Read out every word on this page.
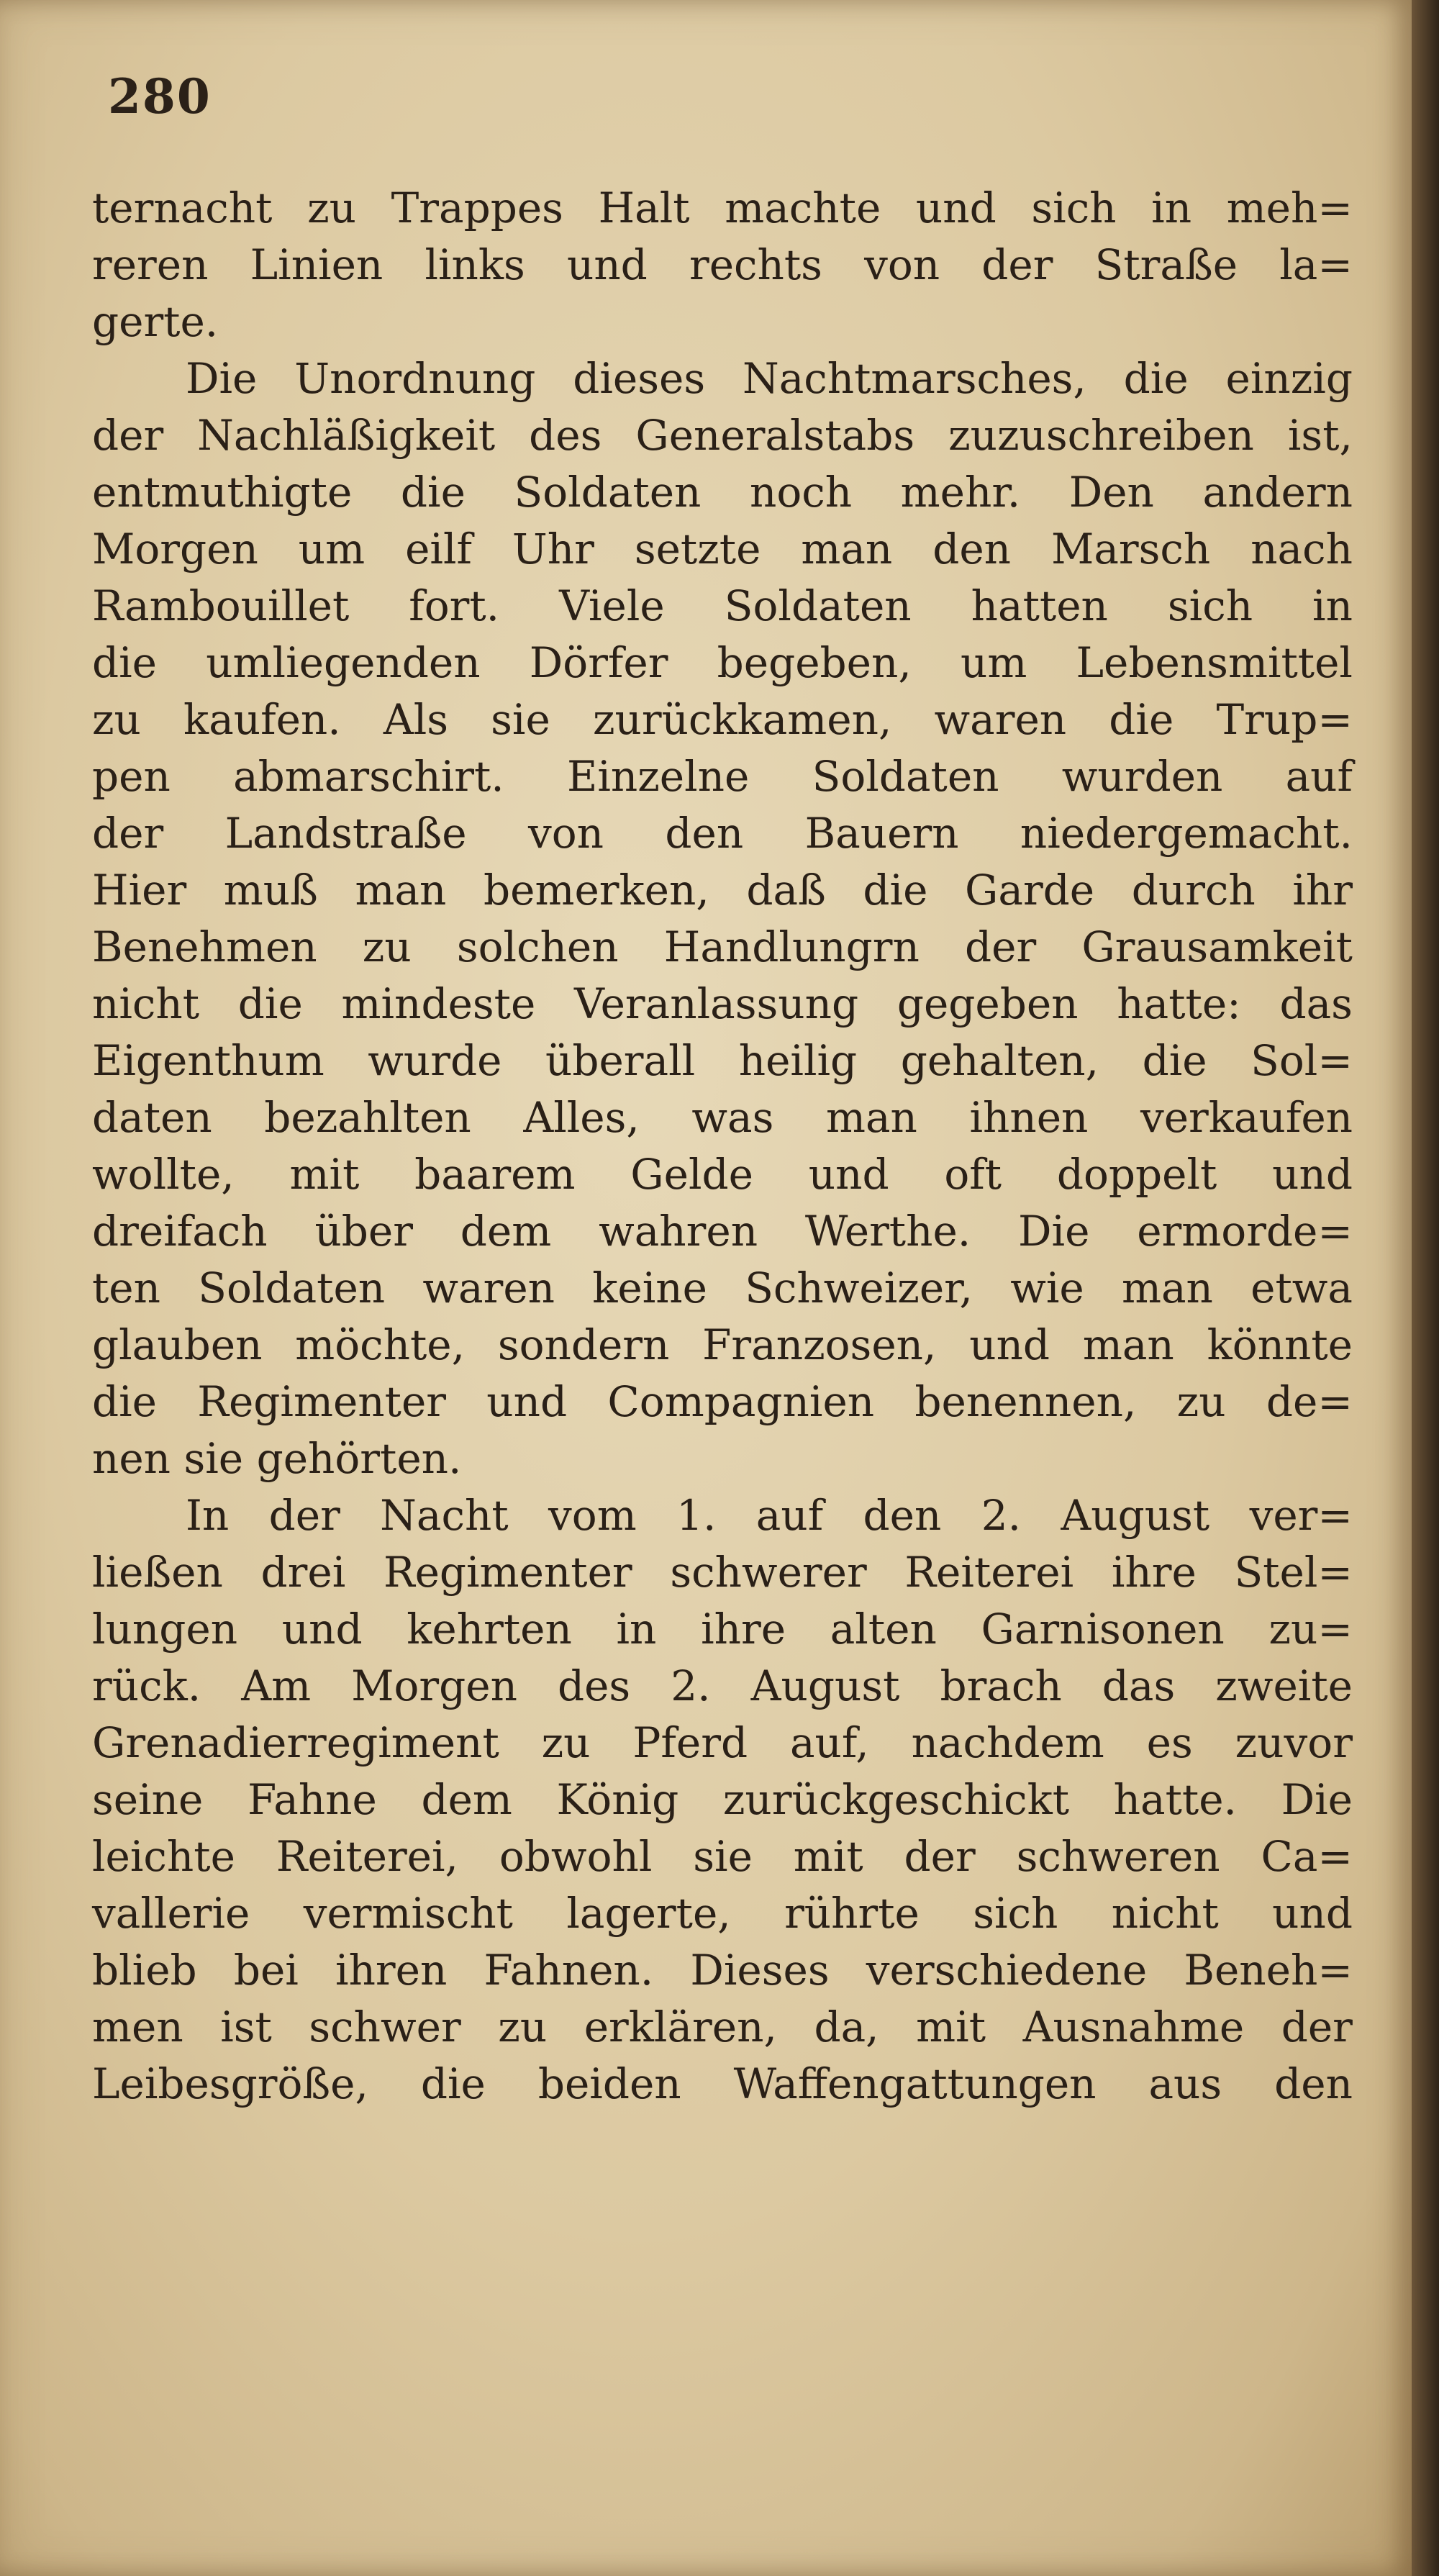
280
ternacht zu Trappes Halt machte und sich in meh=
reren Linien links und rechts von der Straße la=
gerte.
Die Unordnung dieses Nachtmarsches, die einzig
der Nachläßigkeit des Generalstabs zuzuschreiben ist,
entmuthigte die Soldaten noch mehr. Den andern
Morgen um eilf Uhr setzte man den Marsch nach
Rambouillet fort. Viele Soldaten hatten sich in
die umliegenden Dörfer begeben, um Lebensmittel
zu kaufen. Als sie zurückkamen, waren die Trup=
pen abmarschirt. Einzelne Soldaten wurden auf
der Landstraße von den Bauern niedergemacht.
Hier muß man bemerken, daß die Garde durch ihr
Benehmen zu solchen Handlungrn der Grausamkeit
nicht die mindeste Veranlassung gegeben hatte: das
Eigenthum wurde überall heilig gehalten, die Sol=
daten bezahlten Alles, was man ihnen verkaufen
wollte, mit baarem Gelde und oft doppelt und
dreifach über dem wahren Werthe. Die ermorde=
ten Soldaten waren keine Schweizer, wie man etwa
glauben möchte, sondern Franzosen, und man könnte
die Regimenter und Compagnien benennen, zu de=
nen sie gehörten.
In der Nacht vom 1. auf den 2. August ver=
ließen drei Regimenter schwerer Reiterei ihre Stel=
lungen und kehrten in ihre alten Garnisonen zu=
rück. Am Morgen des 2. August brach das zweite
Grenadierregiment zu Pferd auf, nachdem es zuvor
seine Fahne dem König zurückgeschickt hatte. Die
leichte Reiterei, obwohl sie mit der schweren Ca=
vallerie vermischt lagerte, rührte sich nicht und
blieb bei ihren Fahnen. Dieses verschiedene Beneh=
men ist schwer zu erklären, da, mit Ausnahme der
Leibesgröße, die beiden Waffengattungen aus den
